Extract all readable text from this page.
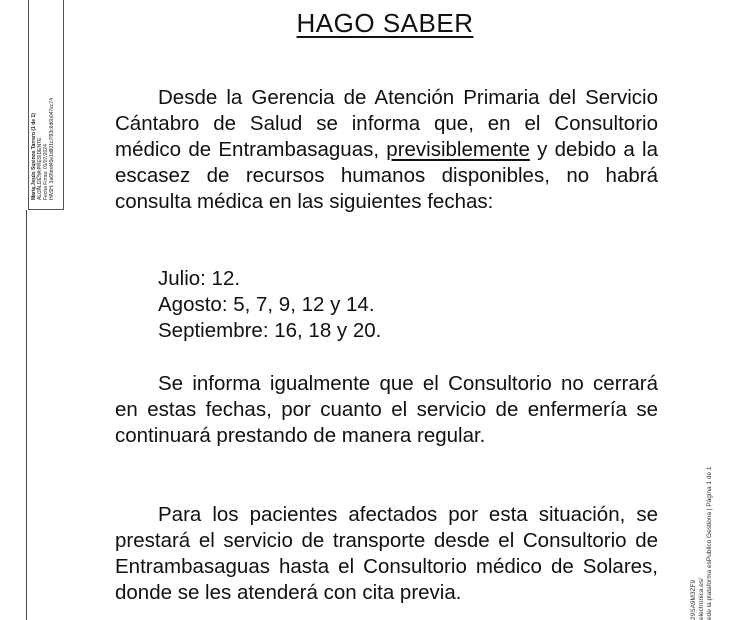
Maria Jesús Susinos Tarrero (1 de 1) ALCALDESA PRESIDENTE Fecha Firma: 01/07/2024 HASH: 3a6fbbd45e1d801c7f93c6d6b047ec74
HAGO SABER

Desde la Gerencia de Atención Primaria del Servicio Cántabro de Salud se informa que, en el Consultorio médico de Entrambasaguas, previsiblemente y debido a la escasez de recursos humanos disponibles, no habrá consulta médica en las siguientes fechas:

Julio: 12.
Agosto: 5, 7, 9, 12 y 14.
Septiembre: 16, 18 y 20.

Se informa igualmente que el Consultorio no cerrará en estas fechas, por cuanto el servicio de enfermería se continuará prestando de manera regular.

Para los pacientes afectados por esta situación, se prestará el servicio de transporte desde el Consultorio de Entrambasaguas hasta el Consultorio médico de Solares, donde se les atenderá con cita previa.	29SA9M3ZF9 electronica.es/ ede la plataforma esPublico Gestiona | Página 1 de 1
